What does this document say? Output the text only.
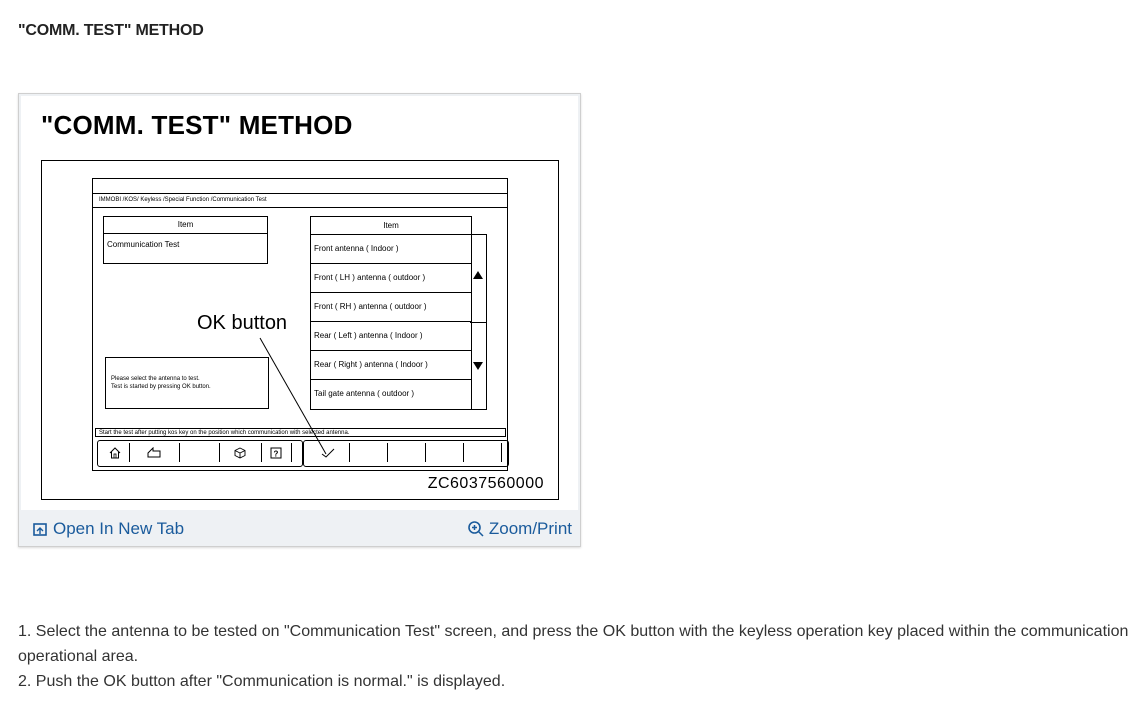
"COMM. TEST" METHOD
"COMM. TEST" METHOD
IMMOBI /KOS/ Keyless /Special Function /Communication Test
Item
Communication Test
Item
Front antenna ( Indoor )
Front ( LH ) antenna ( outdoor )
Front ( RH ) antenna ( outdoor )
Rear ( Left ) antenna ( Indoor )
Rear ( Right ) antenna ( Indoor )
Tail gate antenna ( outdoor )
Please select the antenna to test.
Test is started by pressing OK button.
Start the test after putting kos key on the position which communication with selected antenna.
?
OK button
ZC6037560000
Open In New Tab	Zoom/Print

1. Select the antenna to be tested on "Communication Test" screen, and press the OK button with the keyless operation key placed within the communication operational area.

2. Push the OK button after "Communication is normal." is displayed.
